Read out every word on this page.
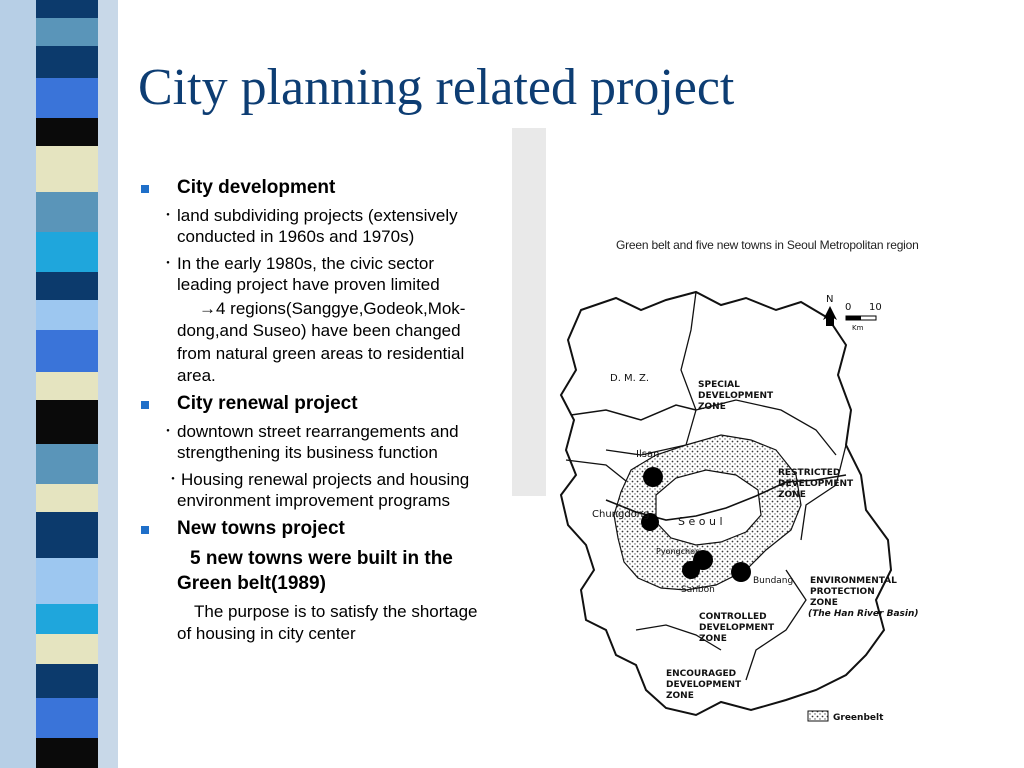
City planning related project
City development
・ land subdividing projects (extensively
conducted in 1960s and 1970s)
・ In the early 1980s, the civic sector
leading project have proven limited
→4 regions(Sanggye,Godeok,Mok-
dong,and Suseo) have been changed
from natural green areas to residential
area.
City renewal project
・ downtown street rearrangements and
strengthening its business function
・ Housing renewal projects and housing
environment improvement programs
New towns project
5 new towns were built in the
Green belt(1989)
The purpose is to satisfy the shortage
of housing in city center
Green belt and five new towns in Seoul Metropolitan region
N
0 10
Km
D. M. Z.
SPECIAL
DEVELOPMENT
ZONE
RESTRICTED
DEVELOPMENT
ZONE
Ilsan
Chungdong
S e o u l
Pyongchon
Sanbon
Bundang ENVIRONMENTAL
PROTECTION
ZONE
(The Han River Basin)
CONTROLLED
DEVELOPMENT
ZONE
ENCOURAGED
DEVELOPMENT
ZONE
Greenbelt
